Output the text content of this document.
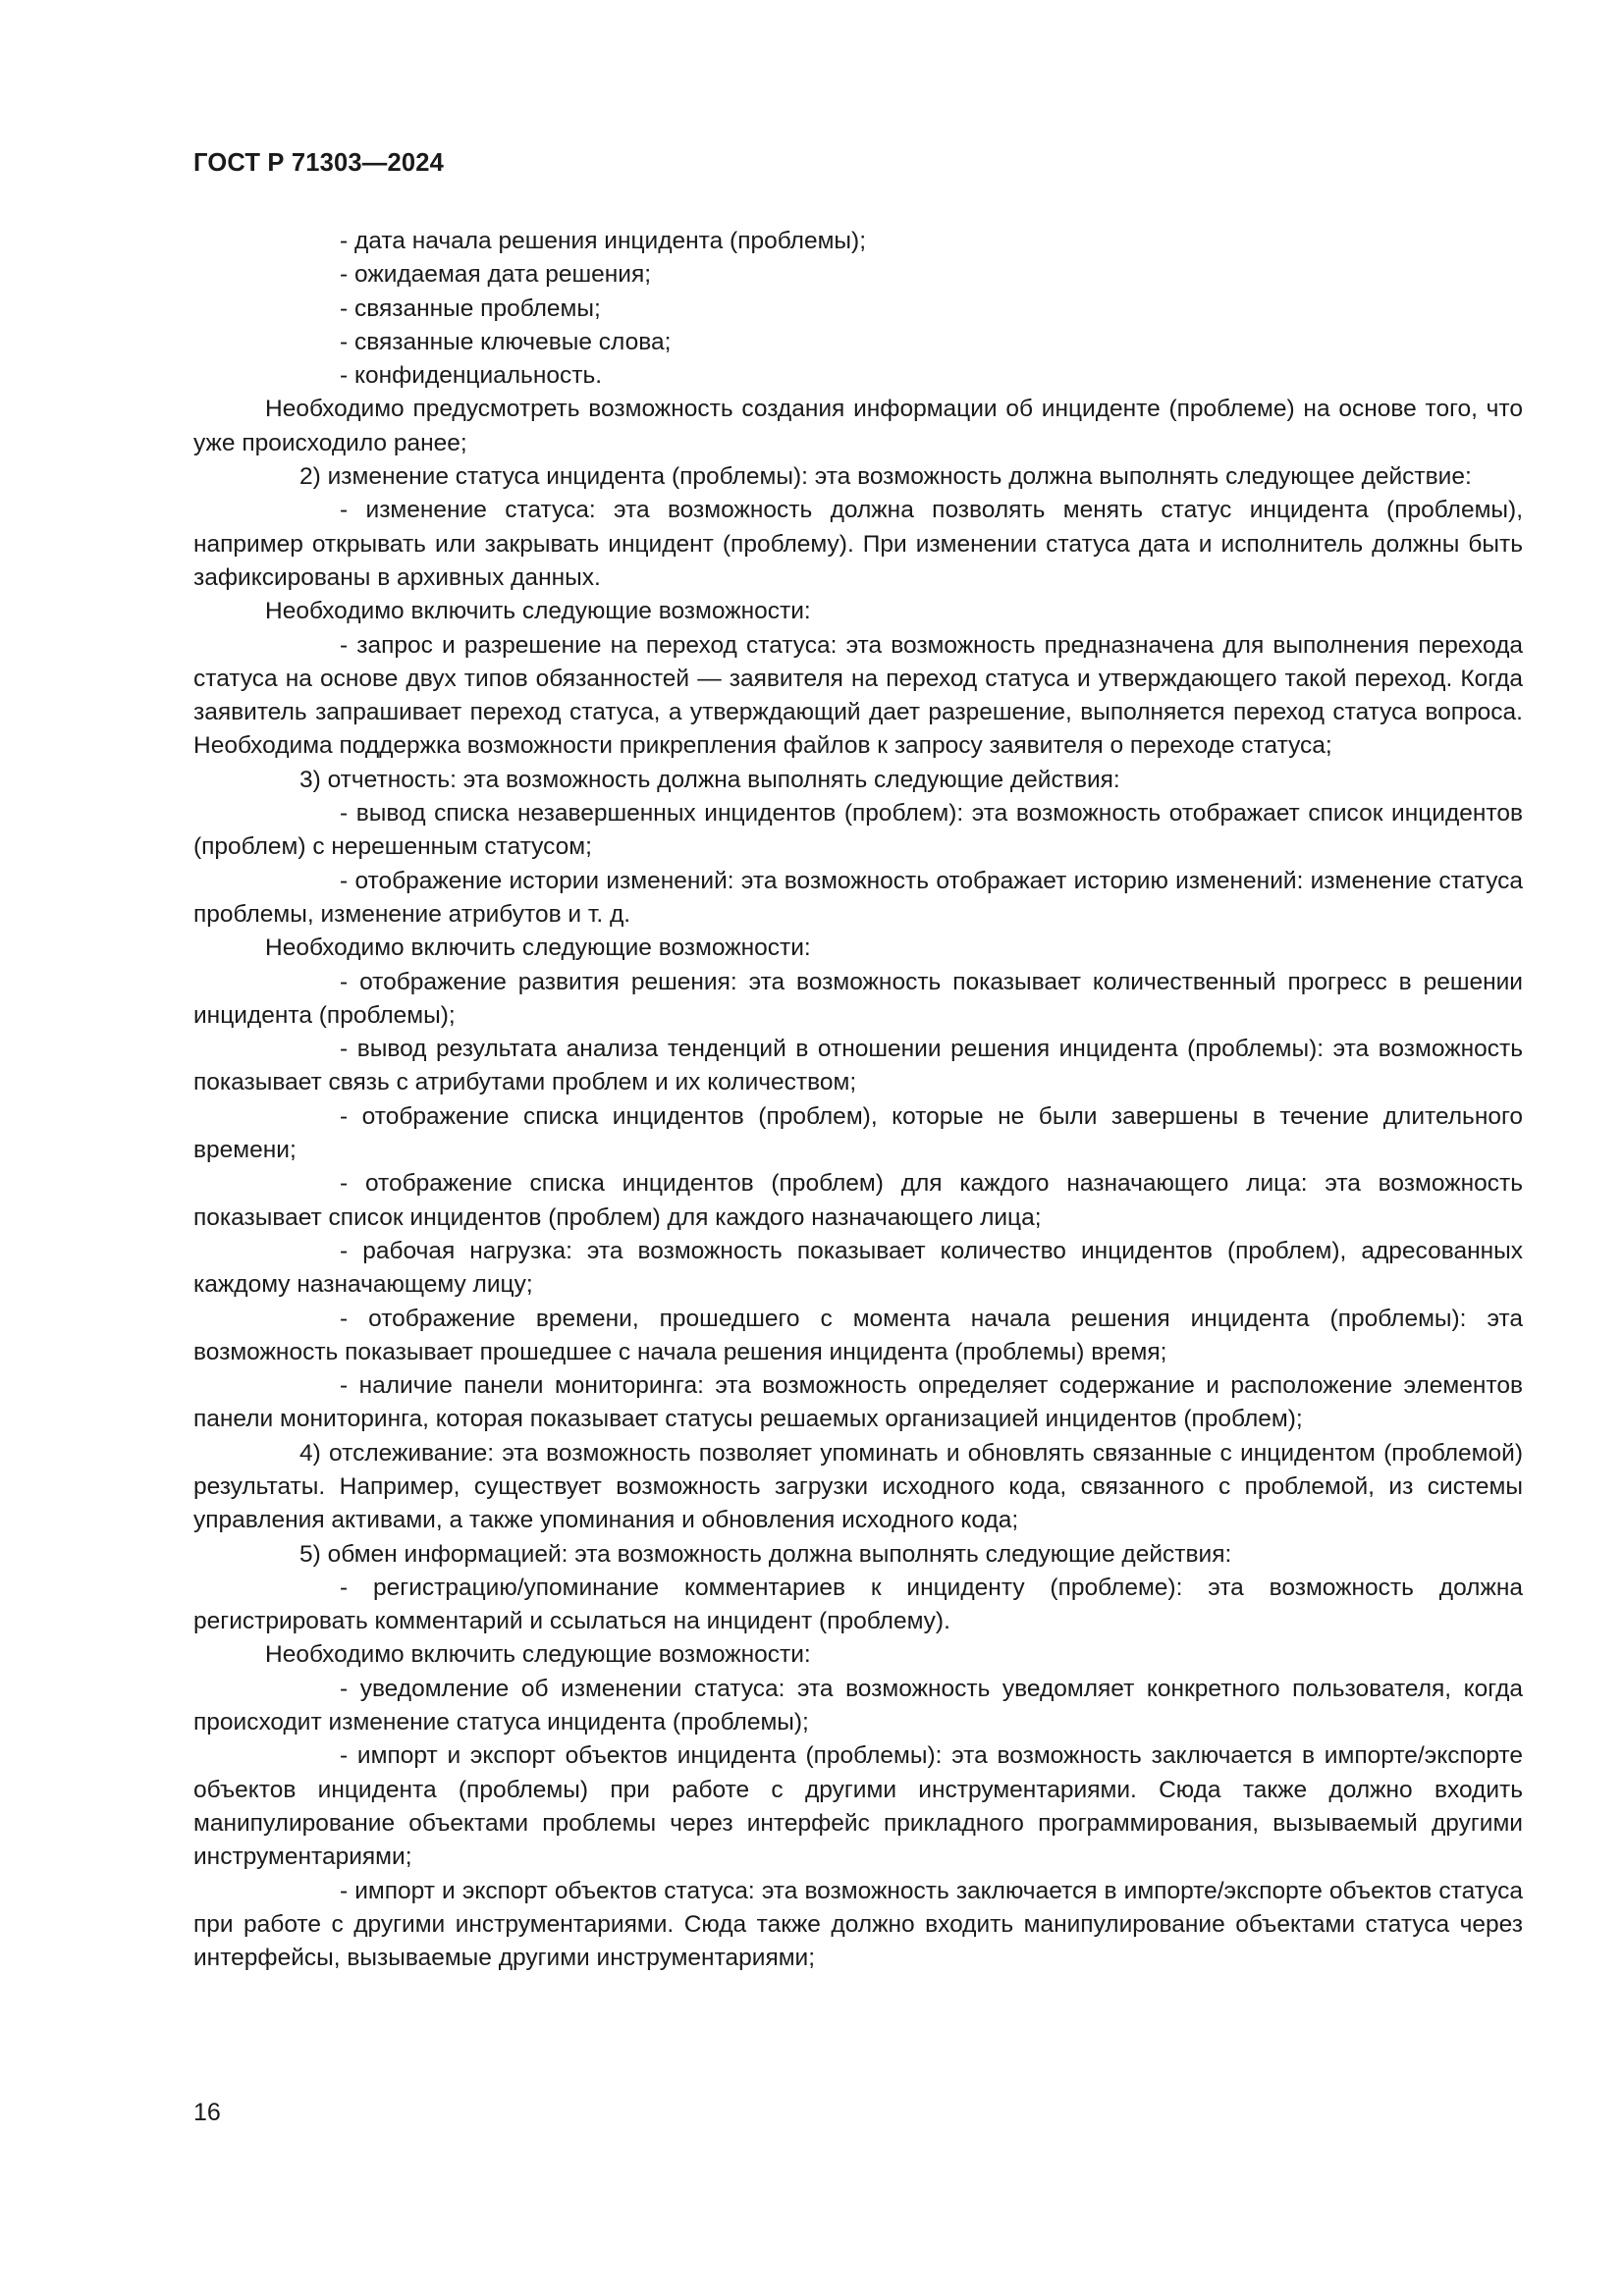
ГОСТ Р 71303—2024

- дата начала решения инцидента (проблемы);

- ожидаемая дата решения;

- связанные проблемы;

- связанные ключевые слова;

- конфиденциальность.

Необходимо предусмотреть возможность создания информации об инциденте (проблеме) на основе того, что уже происходило ранее;

2) изменение статуса инцидента (проблемы): эта возможность должна выполнять следующее действие:

- изменение статуса: эта возможность должна позволять менять статус инцидента (проблемы), например открывать или закрывать инцидент (проблему). При изменении статуса дата и исполнитель должны быть зафиксированы в архивных данных.

Необходимо включить следующие возможности:

- запрос и разрешение на переход статуса: эта возможность предназначена для выполнения перехода статуса на основе двух типов обязанностей — заявителя на переход статуса и утверждающего такой переход. Когда заявитель запрашивает переход статуса, а утверждающий дает разрешение, выполняется переход статуса вопроса. Необходима поддержка возможности прикрепления файлов к запросу заявителя о переходе статуса;

3) отчетность: эта возможность должна выполнять следующие действия:

- вывод списка незавершенных инцидентов (проблем): эта возможность отображает список инцидентов (проблем) с нерешенным статусом;

- отображение истории изменений: эта возможность отображает историю изменений: изменение статуса проблемы, изменение атрибутов и т. д.

Необходимо включить следующие возможности:

- отображение развития решения: эта возможность показывает количественный прогресс в решении инцидента (проблемы);

- вывод результата анализа тенденций в отношении решения инцидента (проблемы): эта возможность показывает связь с атрибутами проблем и их количеством;

- отображение списка инцидентов (проблем), которые не были завершены в течение длительного времени;

- отображение списка инцидентов (проблем) для каждого назначающего лица: эта возможность показывает список инцидентов (проблем) для каждого назначающего лица;

- рабочая нагрузка: эта возможность показывает количество инцидентов (проблем), адресованных каждому назначающему лицу;

- отображение времени, прошедшего с момента начала решения инцидента (проблемы): эта возможность показывает прошедшее с начала решения инцидента (проблемы) время;

- наличие панели мониторинга: эта возможность определяет содержание и расположение элементов панели мониторинга, которая показывает статусы решаемых организацией инцидентов (проблем);

4) отслеживание: эта возможность позволяет упоминать и обновлять связанные с инцидентом (проблемой) результаты. Например, существует возможность загрузки исходного кода, связанного с проблемой, из системы управления активами, а также упоминания и обновления исходного кода;

5) обмен информацией: эта возможность должна выполнять следующие действия:

- регистрацию/упоминание комментариев к инциденту (проблеме): эта возможность должна регистрировать комментарий и ссылаться на инцидент (проблему).

Необходимо включить следующие возможности:

- уведомление об изменении статуса: эта возможность уведомляет конкретного пользователя, когда происходит изменение статуса инцидента (проблемы);

- импорт и экспорт объектов инцидента (проблемы): эта возможность заключается в импорте/экспорте объектов инцидента (проблемы) при работе с другими инструментариями. Сюда также должно входить манипулирование объектами проблемы через интерфейс прикладного программирования, вызываемый другими инструментариями;

- импорт и экспорт объектов статуса: эта возможность заключается в импорте/экспорте объектов статуса при работе с другими инструментариями. Сюда также должно входить манипулирование объектами статуса через интерфейсы, вызываемые другими инструментариями;

16
